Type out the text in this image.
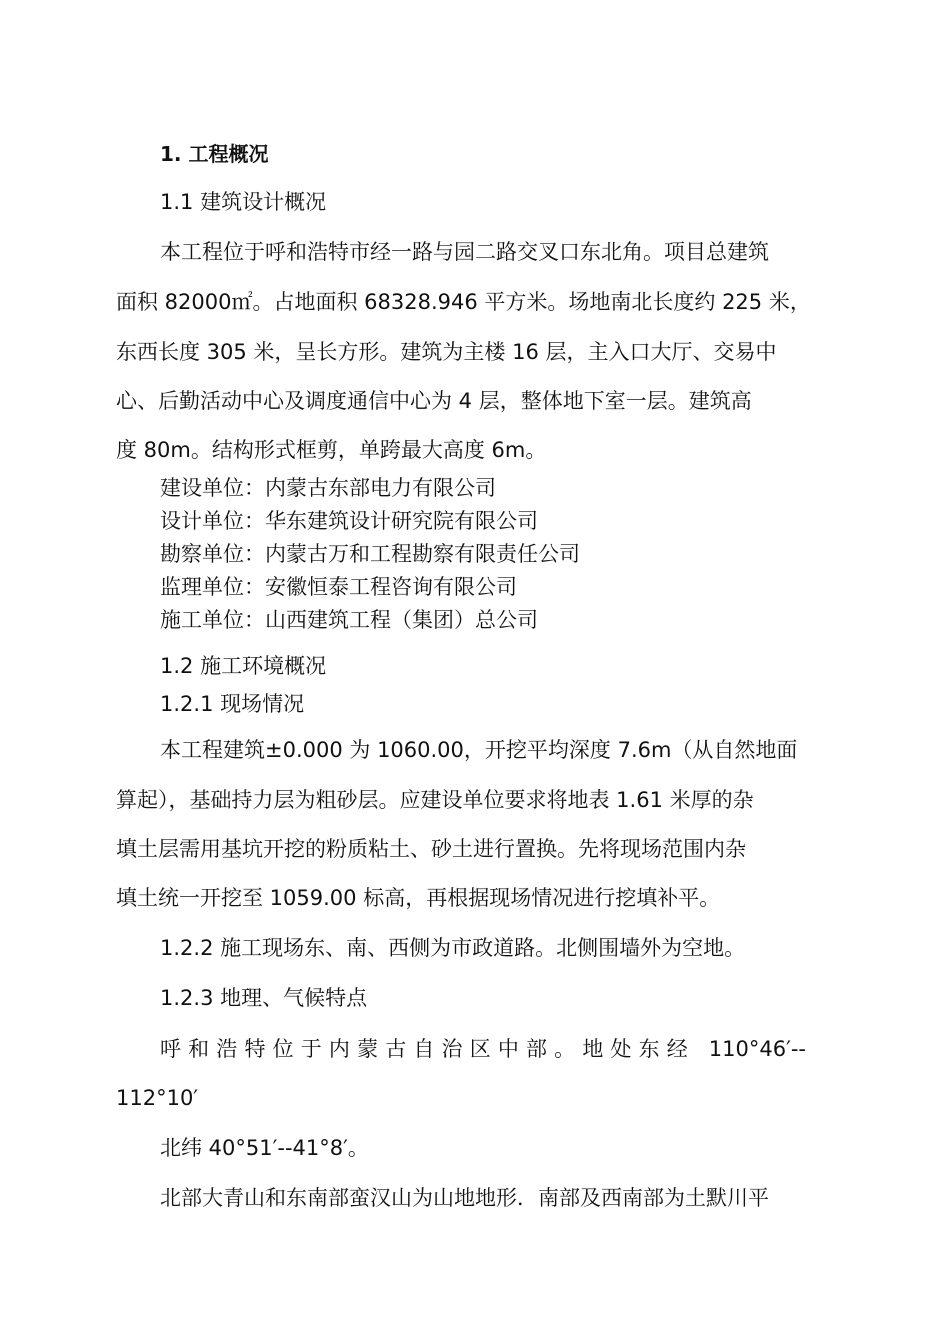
1. 工程概况
1.1 建筑设计概况
本工程位于呼和浩特市经一路与园二路交叉口东北角。项目总建筑
面积 82000㎡。占地面积 68328.946 平方米。场地南北长度约 225 米，
东西长度 305 米，呈长方形。建筑为主楼 16 层，主入口大厅、交易中
心、后勤活动中心及调度通信中心为 4 层，整体地下室一层。建筑高
度 80m。结构形式框剪，单跨最大高度 6m。
建设单位：内蒙古东部电力有限公司
设计单位：华东建筑设计研究院有限公司
勘察单位：内蒙古万和工程勘察有限责任公司
监理单位：安徽恒泰工程咨询有限公司
施工单位：山西建筑工程（集团）总公司
1.2 施工环境概况
1.2.1 现场情况
本工程建筑±0.000 为 1060.00，开挖平均深度 7.6m（从自然地面
算起），基础持力层为粗砂层。应建设单位要求将地表 1.61 米厚的杂
填土层需用基坑开挖的粉质粘土、砂土进行置换。先将现场范围内杂
填土统一开挖至 1059.00 标高，再根据现场情况进行挖填补平。
1.2.2 施工现场东、南、西侧为市政道路。北侧围墙外为空地。
1.2.3 地理、气候特点
呼和浩特位于内蒙古自治区中部。地处东经 110°46′--
112°10′
北纬 40°51′--41°8′。
北部大青山和东南部蛮汉山为山地地形．南部及西南部为土默川平
